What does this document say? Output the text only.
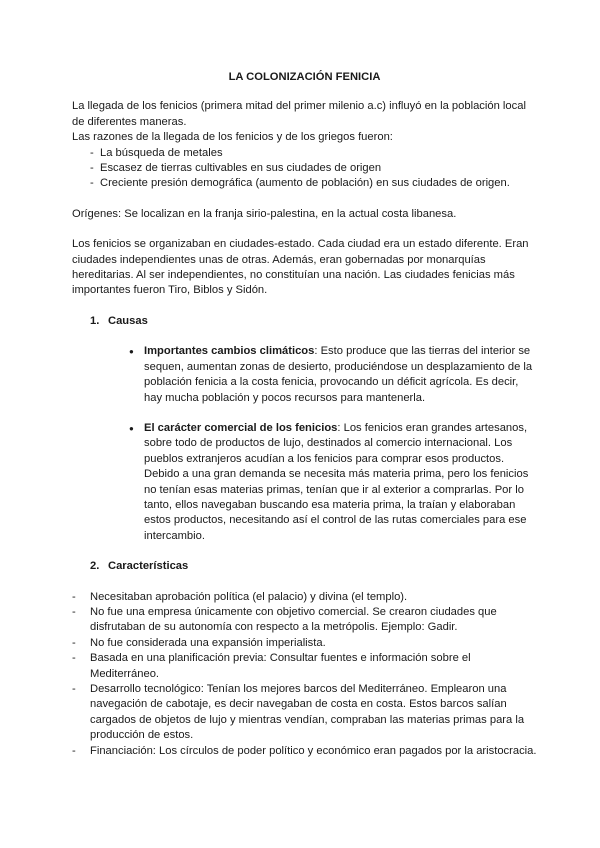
LA COLONIZACIÓN FENICIA

La llegada de los fenicios (primera mitad del primer milenio a.c) influyó en la población local de diferentes maneras.

Las razones de la llegada de los fenicios y de los griegos fueron:

- La búsqueda de metales
- Escasez de tierras cultivables en sus ciudades de origen
- Creciente presión demográfica (aumento de población) en sus ciudades de origen.

Orígenes: Se localizan en la franja sirio-palestina, en la actual costa libanesa.

Los fenicios se organizaban en ciudades-estado. Cada ciudad era un estado diferente. Eran ciudades independientes unas de otras. Además, eran gobernadas por monarquías hereditarias. Al ser independientes, no constituían una nación. Las ciudades fenicias más importantes fueron Tiro, Biblos y Sidón.

1. Causas
● Importantes cambios climáticos: Esto produce que las tierras del interior se sequen, aumentan zonas de desierto, produciéndose un desplazamiento de la población fenicia a la costa fenicia, provocando un déficit agrícola. Es decir, hay mucha población y pocos recursos para mantenerla.
● El carácter comercial de los fenicios: Los fenicios eran grandes artesanos, sobre todo de productos de lujo, destinados al comercio internacional. Los pueblos extranjeros acudían a los fenicios para comprar esos productos. Debido a una gran demanda se necesita más materia prima, pero los fenicios no tenían esas materias primas, tenían que ir al exterior a comprarlas. Por lo tanto, ellos navegaban buscando esa materia prima, la traían y elaboraban estos productos, necesitando así el control de las rutas comerciales para ese intercambio.
2. Características
- Necesitaban aprobación política (el palacio) y divina (el templo).
- No fue una empresa únicamente con objetivo comercial. Se crearon ciudades que disfrutaban de su autonomía con respecto a la metrópolis. Ejemplo: Gadir.
- No fue considerada una expansión imperialista.
- Basada en una planificación previa: Consultar fuentes e información sobre el Mediterráneo.
- Desarrollo tecnológico: Tenían los mejores barcos del Mediterráneo. Emplearon una navegación de cabotaje, es decir navegaban de costa en costa. Estos barcos salían cargados de objetos de lujo y mientras vendían, compraban las materias primas para la producción de estos.
- Financiación: Los círculos de poder político y económico eran pagados por la aristocracia.
